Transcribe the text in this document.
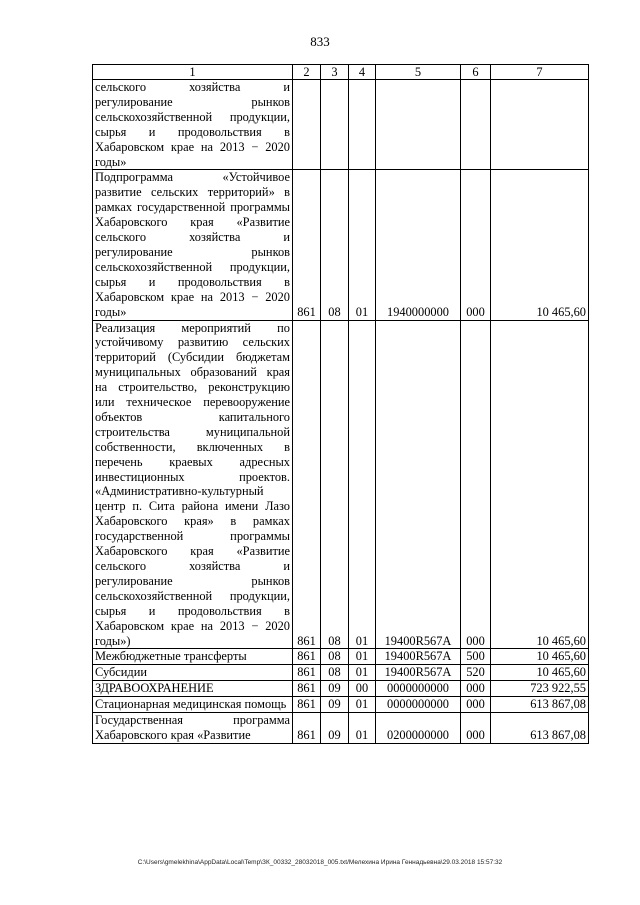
833
1	2	3	4	5	6	7

сельского хозяйства и регулирование рынков сельскохозяйственной продукции, сырья и продовольствия в Хабаровском крае на 2013 − 2020 годы»						

Подпрограмма «Устойчивое развитие сельских территорий» в рамках государственной программы Хабаровского края «Развитие сельского хозяйства и регулирование рынков сельскохозяйственной продукции, сырья и продовольствия в Хабаровском крае на 2013 − 2020 годы»	861	08	01	1940000000	000	10 465,60

Реализация мероприятий по устойчивому развитию сельских территорий (Субсидии бюджетам муниципальных образований края на строительство, реконструкцию или техническое перевооружение объектов капитального строительства муниципальной собственности, включенных в перечень краевых адресных инвестиционных проектов. «Административно-культурный центр п. Сита района имени Лазо Хабаровского края» в рамках государственной программы Хабаровского края «Развитие сельского хозяйства и регулирование рынков сельскохозяйственной продукции, сырья и продовольствия в Хабаровском крае на 2013 − 2020 годы»)	861	08	01	19400R567A	000	10 465,60

Межбюджетные трансферты	861	08	01	19400R567A	500	10 465,60

Субсидии	861	08	01	19400R567A	520	10 465,60

ЗДРАВООХРАНЕНИЕ	861	09	00	0000000000	000	723 922,55

Стационарная медицинская помощь	861	09	01	0000000000	000	613 867,08

Государственная программа Хабаровского края «Развитие	861	09	01	0200000000	000	613 867,08
C:\Users\gmelekhina\AppData\Local\Temp\ЗК_00332_28032018_005.txt/Мелехина Ирина Геннадьевна\29.03.2018 15:57:32
